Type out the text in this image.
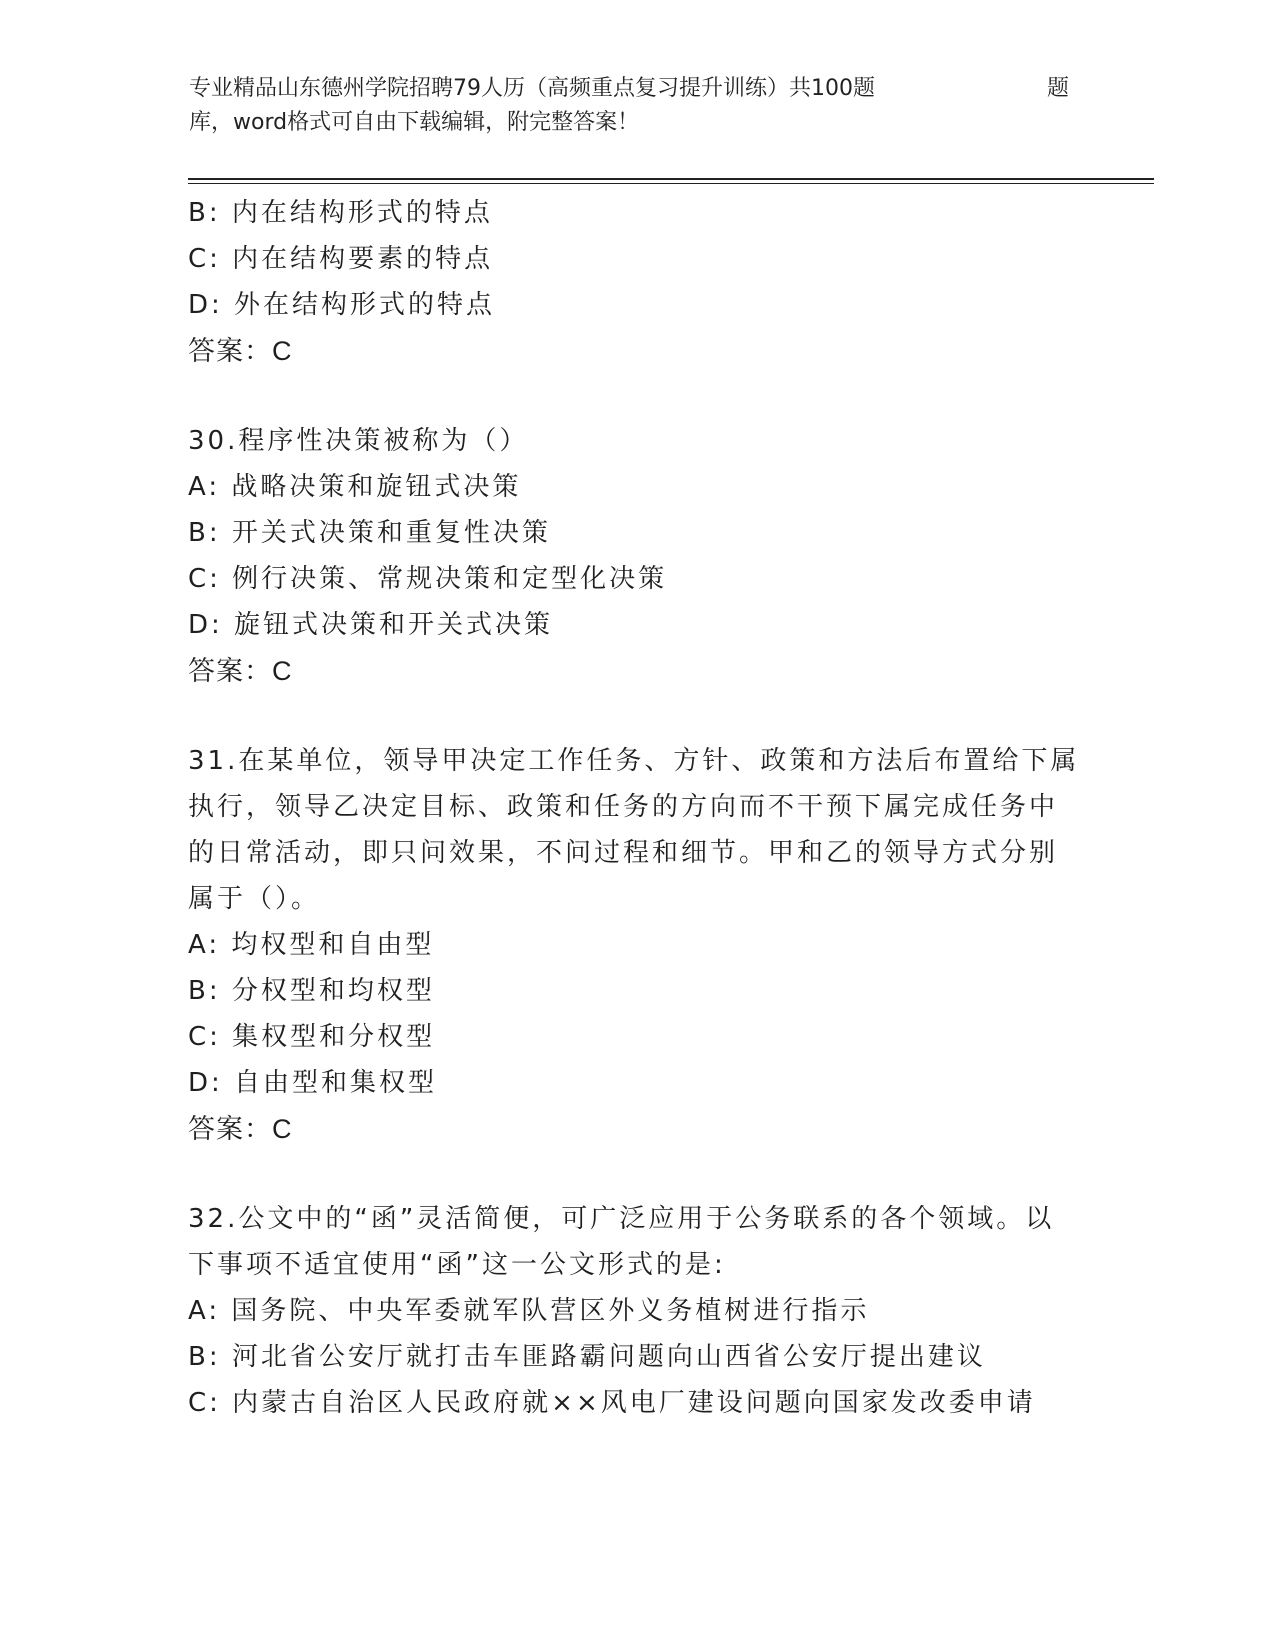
专业精品山东德州学院招聘79人历（高频重点复习提升训练）共100题	题
库，word格式可自由下载编辑，附完整答案！
B: 内在结构形式的特点
C: 内在结构要素的特点
D: 外在结构形式的特点
答案：C
30.程序性决策被称为（）
A: 战略决策和旋钮式决策
B: 开关式决策和重复性决策
C: 例行决策、常规决策和定型化决策
D: 旋钮式决策和开关式决策
答案：C
31.在某单位，领导甲决定工作任务、方针、政策和方法后布置给下属
执行，领导乙决定目标、政策和任务的方向而不干预下属完成任务中
的日常活动，即只问效果，不问过程和细节。甲和乙的领导方式分别
属于（）。
A: 均权型和自由型
B: 分权型和均权型
C: 集权型和分权型
D: 自由型和集权型
答案：C
32.公文中的“函”灵活简便，可广泛应用于公务联系的各个领域。以
下事项不适宜使用“函”这一公文形式的是:
A: 国务院、中央军委就军队营区外义务植树进行指示
B: 河北省公安厅就打击车匪路霸问题向山西省公安厅提出建议
C: 内蒙古自治区人民政府就××风电厂建设问题向国家发改委申请
